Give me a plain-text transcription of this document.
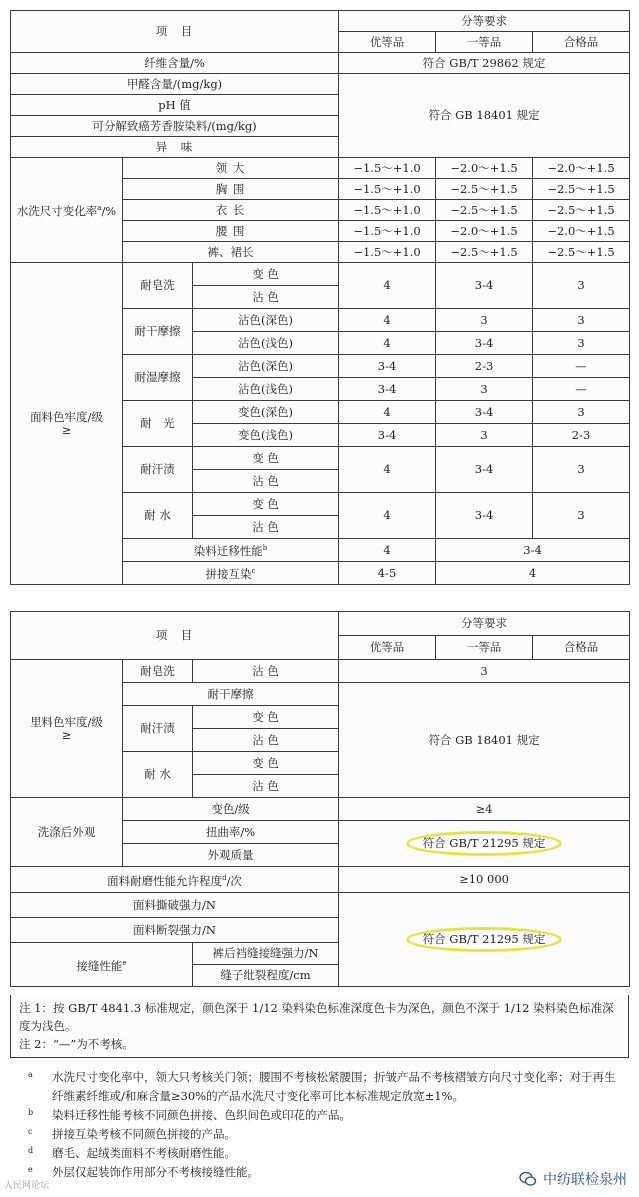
项　目			分等要求		
			优等品	一等品	合格品
纤维含量/%			符合 GB/T 29862 规定		
甲醛含量/(mg/kg)			符合 GB 18401 规定		
pH 值					
可分解致癌芳香胺染料/(mg/kg)					
异　味					
水洗尺寸变化率$^a$/%	领 大		−1.5～+1.0	−2.0～+1.5	−2.0～+1.5
	胸 围		−1.5～+1.0	−2.5～+1.5	−2.5～+1.5
	衣 长		−1.5～+1.0	−2.5～+1.5	−2.5～+1.5
	腰 围		−1.5～+1.0	−2.0～+1.5	−2.0～+1.5
	裤、裙长		−1.5～+1.0	−2.5～+1.5	−2.5～+1.5
面料色牢度/级
≥	耐皂洗	变 色	4	3-4	3
		沾 色			
	耐干摩擦	沾色(深色)	4	3	3
		沾色(浅色)	4	3-4	3
	耐湿摩擦	沾色(深色)	3-4	2-3	—
		沾色(浅色)	3-4	3	—
	耐　光	变色(深色)	4	3-4	3
		变色(浅色)	3-4	3	2-3
	耐汗渍	变 色	4	3-4	3
		沾 色			
	耐 水	变 色	4	3-4	3
		沾 色			
	染料迁移性能$^b$		4	3-4	
	拼接互染$^c$		4-5	4	
项　目			分等要求		
			优等品	一等品	合格品
里料色牢度/级
≥	耐皂洗	沾 色	3		
	耐干摩擦		符合 GB 18401 规定		
	耐汗渍	变 色			
		沾 色			
	耐 水	变 色			
		沾 色			
洗涤后外观	变色/级		≥4		
	扭曲率/%		符合 GB/T 21295 规定		
	外观质量				
面料耐磨性能允许程度$^d$/次			≥10 000		
面料撕破强力/N			符合 GB/T 21295 规定		
面料断裂强力/N					
接缝性能$^e$		裤后裆缝接缝强力/N			
		缝子纰裂程度/cm			
注 1：按 GB/T 4841.3 标准规定，颜色深于 1/12 染料染色标准深度色卡为深色，颜色不深于 1/12 染料染色标准深度为浅色。
注 2：“—”为不考核。
a 水洗尺寸变化率中，领大只考核关门领；腰围不考核松紧腰围；折皱产品不考核褶皱方向尺寸变化率；对于再生纤维素纤维或/和麻含量≥30%的产品水洗尺寸变化率可比本标准规定放宽±1%。
b 染料迁移性能考核不同颜色拼接、色织间色或印花的产品。
c 拼接互染考核不同颜色拼接的产品。
d 磨毛、起绒类面料不考核耐磨性能。
e 外层仅起装饰作用部分不考核接缝性能。
人民网论坛	中纺联检泉州
